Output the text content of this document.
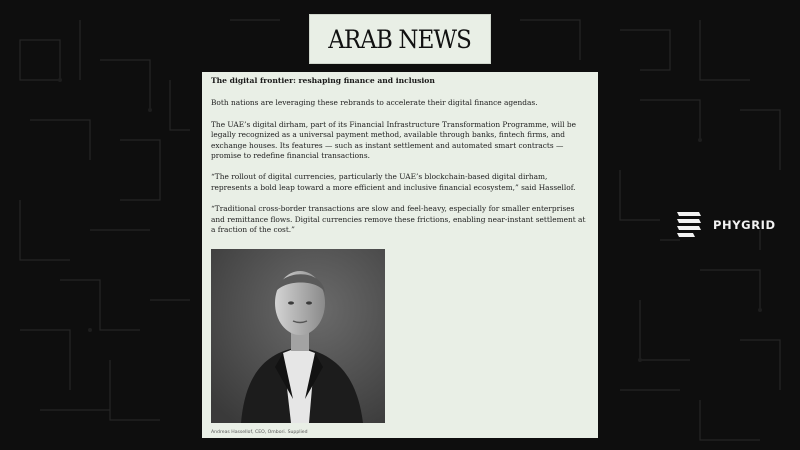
ARAB NEWS
The digital frontier: reshaping finance and inclusion

Both nations are leveraging these rebrands to accelerate their digital finance agendas.

The UAE’s digital dirham, part of its Financial Infrastructure Transformation Programme, will be legally recognized as a universal payment method, available through banks, fintech firms, and exchange houses. Its features — such as instant settlement and automated smart contracts — promise to redefine financial transactions.

“The rollout of digital currencies, particularly the UAE’s blockchain-based digital dirham, represents a bold leap toward a more efficient and inclusive financial ecosystem,” said Hassellof.

“Traditional cross-border transactions are slow and feel-heavy, especially for smaller enterprises and remittance flows. Digital currencies remove these frictions, enabling near-instant settlement at a fraction of the cost.”

Andreas Hassellof, CEO, Ombori. Supplied
PHYGRID
